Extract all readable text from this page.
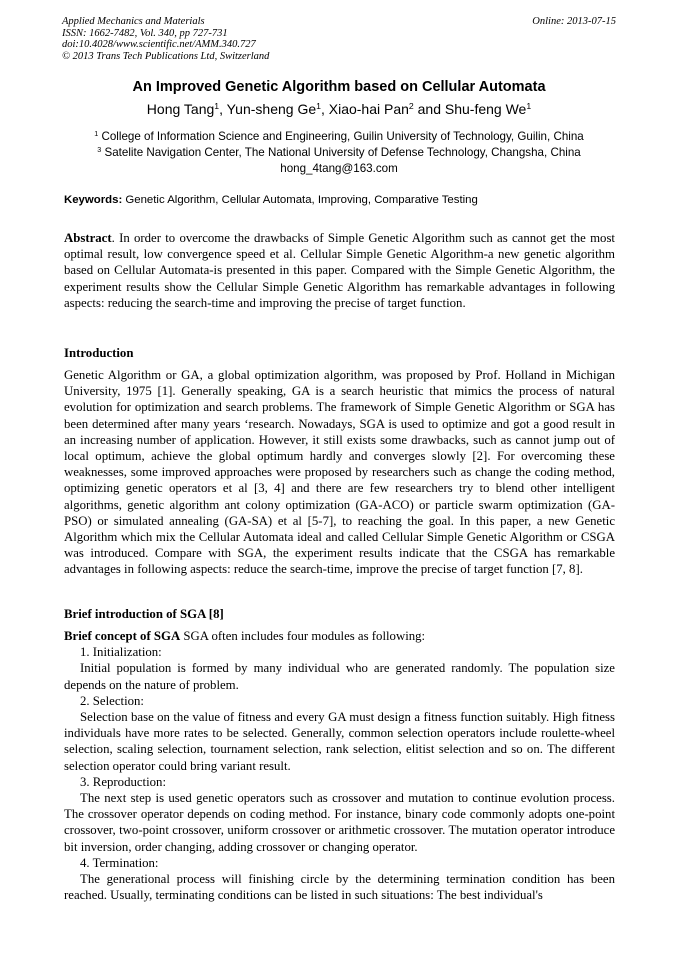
Applied Mechanics and Materials
ISSN: 1662-7482, Vol. 340, pp 727-731
doi:10.4028/www.scientific.net/AMM.340.727
© 2013 Trans Tech Publications Ltd, Switzerland
Online: 2013-07-15
An Improved Genetic Algorithm based on Cellular Automata
Hong Tang$^1$, Yun-sheng Ge$^1$, Xiao-hai Pan$^2$ and Shu-feng We$^1$
$^1$ College of Information Science and Engineering, Guilin University of Technology, Guilin, China
$^3$ Satelite Navigation Center, The National University of Defense Technology, Changsha, China
hong_4tang@163.com
Keywords: Genetic Algorithm, Cellular Automata, Improving, Comparative Testing
Abstract. In order to overcome the drawbacks of Simple Genetic Algorithm such as cannot get the most optimal result, low convergence speed et al. Cellular Simple Genetic Algorithm-a new genetic algorithm based on Cellular Automata-is presented in this paper. Compared with the Simple Genetic Algorithm, the experiment results show the Cellular Simple Genetic Algorithm has remarkable advantages in following aspects: reducing the search-time and improving the precise of target function.
Introduction
Genetic Algorithm or GA, a global optimization algorithm, was proposed by Prof. Holland in Michigan University, 1975 [1]. Generally speaking, GA is a search heuristic that mimics the process of natural evolution for optimization and search problems. The framework of Simple Genetic Algorithm or SGA has been determined after many years ‘research. Nowadays, SGA is used to optimize and got a good result in an increasing number of application. However, it still exists some drawbacks, such as cannot jump out of local optimum, achieve the global optimum hardly and converges slowly [2]. For overcoming these weaknesses, some improved approaches were proposed by researchers such as change the coding method, optimizing genetic operators et al [3, 4] and there are few researchers try to blend other intelligent algorithms, genetic algorithm ant colony optimization (GA-ACO) or particle swarm optimization (GA-PSO) or simulated annealing (GA-SA) et al [5-7], to reaching the goal. In this paper, a new Genetic Algorithm which mix the Cellular Automata ideal and called Cellular Simple Genetic Algorithm or CSGA was introduced. Compare with SGA, the experiment results indicate that the CSGA has remarkable advantages in following aspects: reduce the search-time, improve the precise of target function [7, 8].
Brief introduction of SGA [8]

Brief concept of SGA SGA often includes four modules as following:

1. Initialization:

Initial population is formed by many individual who are generated randomly. The population size depends on the nature of problem.

2. Selection:

Selection base on the value of fitness and every GA must design a fitness function suitably. High fitness individuals have more rates to be selected. Generally, common selection operators include roulette-wheel selection, scaling selection, tournament selection, rank selection, elitist selection and so on. The different selection operator could bring variant result.

3. Reproduction:

The next step is used genetic operators such as crossover and mutation to continue evolution process. The crossover operator depends on coding method. For instance, binary code commonly adopts one-point crossover, two-point crossover, uniform crossover or arithmetic crossover. The mutation operator introduce bit inversion, order changing, adding crossover or changing operator.

4. Termination:

The generational process will finishing circle by the determining termination condition has been reached. Usually, terminating conditions can be listed in such situations: The best individual's
